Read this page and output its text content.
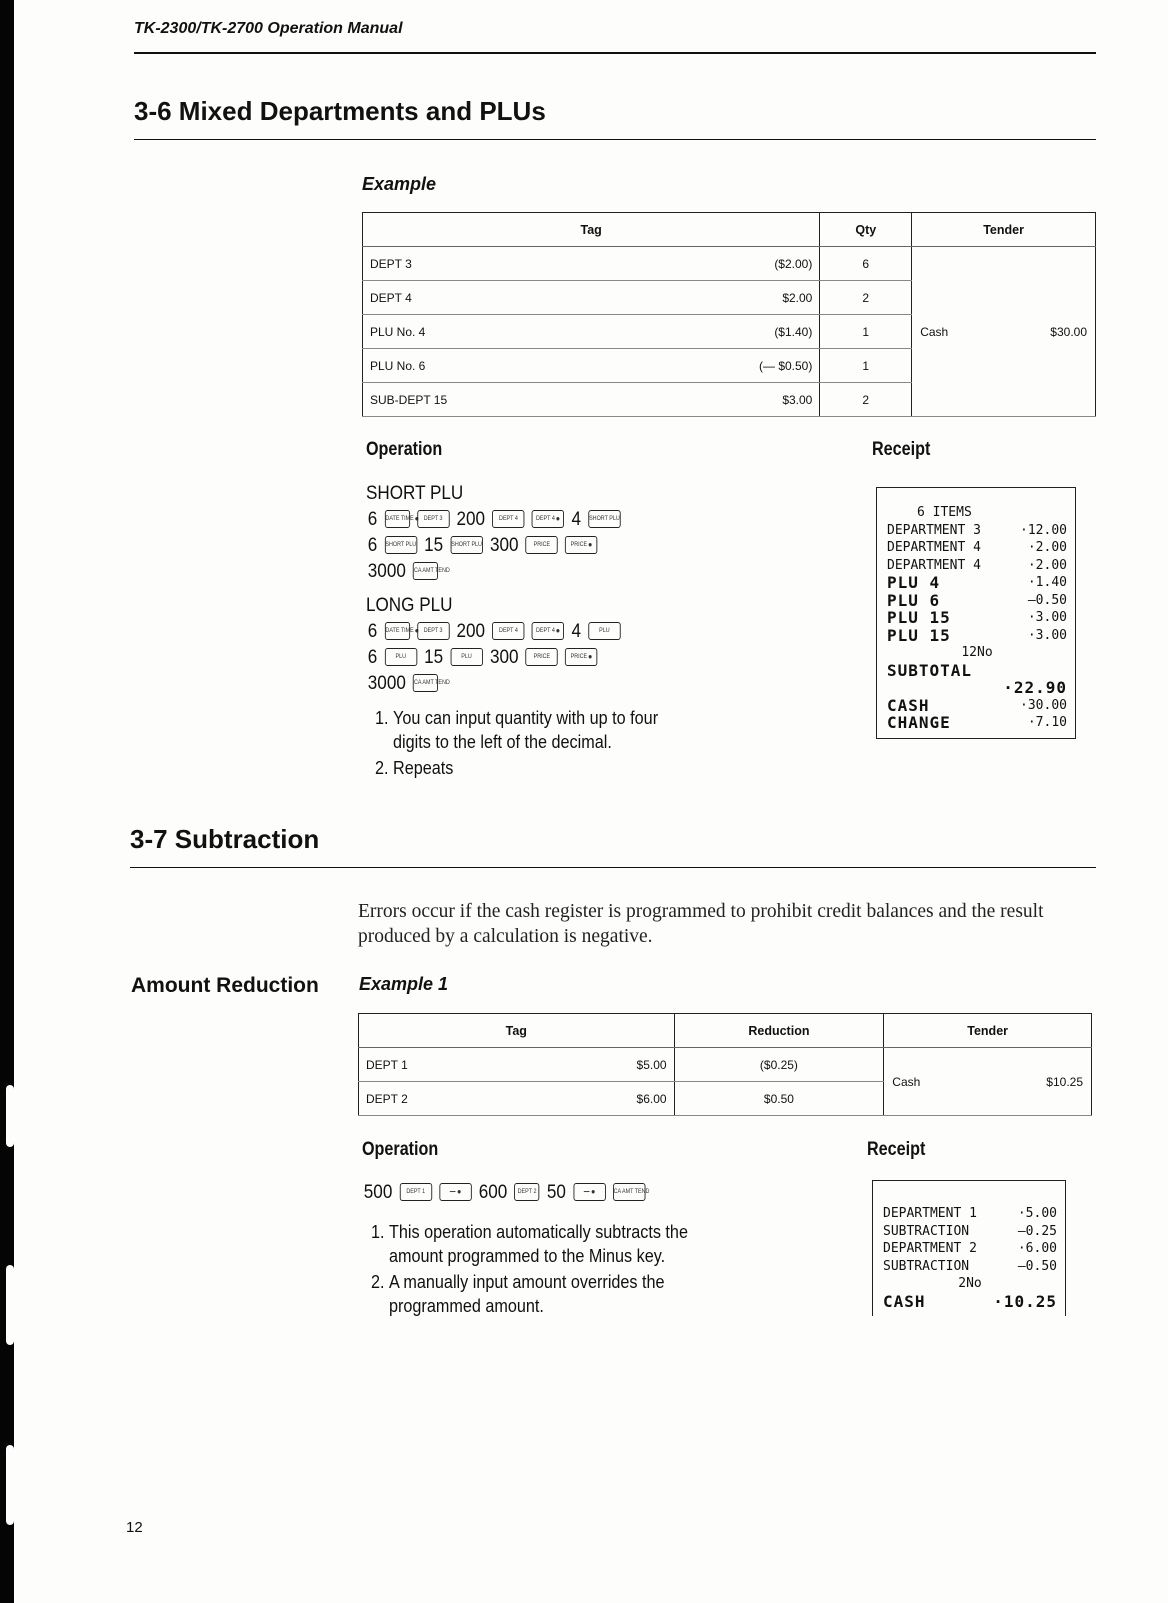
TK-2300/TK-2700 Operation Manual
3-6 Mixed Departments and PLUs
Example
Tag		Qty	Tender
DEPT 3	($2.00)	6	Cash $30.00

DEPT 4	$2.00	2	
PLU No. 4	($1.40)	1	
PLU No. 6	(— $0.50)	1	
SUB-DEPT 15	$3.00	2	
Operation	Receipt
SHORT PLU
6 DATE TIME ●	DEPT 3 200	DEPT 4	DEPT 4 ● 4 SHORT PLU
6 SHORT PLU 15 SHORT PLU 300	PRICE	PRICE ●
3000 CA AMT TEND
LONG PLU
6 DATE TIME ●	DEPT 3 200	DEPT 4	DEPT 4 ● 4	PLU
6	PLU 15	PLU 300	PRICE	PRICE ●
3000 CA AMT TEND
1. You can input quantity with up to four digits to the left of the decimal.
2. Repeats
6 ITEMS
DEPARTMENT 3	·12.00
DEPARTMENT 4	·2.00
DEPARTMENT 4	·2.00
PLU 4	·1.40
PLU 6	–0.50
PLU 15	·3.00
PLU 15	·3.00
12No
SUBTOTAL
·22.90
CASH	·30.00
CHANGE	·7.10
3-7 Subtraction
Errors occur if the cash register is programmed to prohibit credit balances and the result produced by a calculation is negative.
Amount Reduction Example 1
Tag		Reduction	Tender
DEPT 1	$5.00	($0.25)	Cash $10.25

DEPT 2	$6.00	$0.50	
Operation	Receipt
500	DEPT 1	− ●	600	DEPT 2 50	− ●	CA AMT TEND
1. This operation automatically subtracts the amount programmed to the Minus key.
2. A manually input amount overrides the programmed amount.
DEPARTMENT 1	·5.00
SUBTRACTION	–0.25
DEPARTMENT 2	·6.00
SUBTRACTION	–0.50
2No
CASH	·10.25
12
